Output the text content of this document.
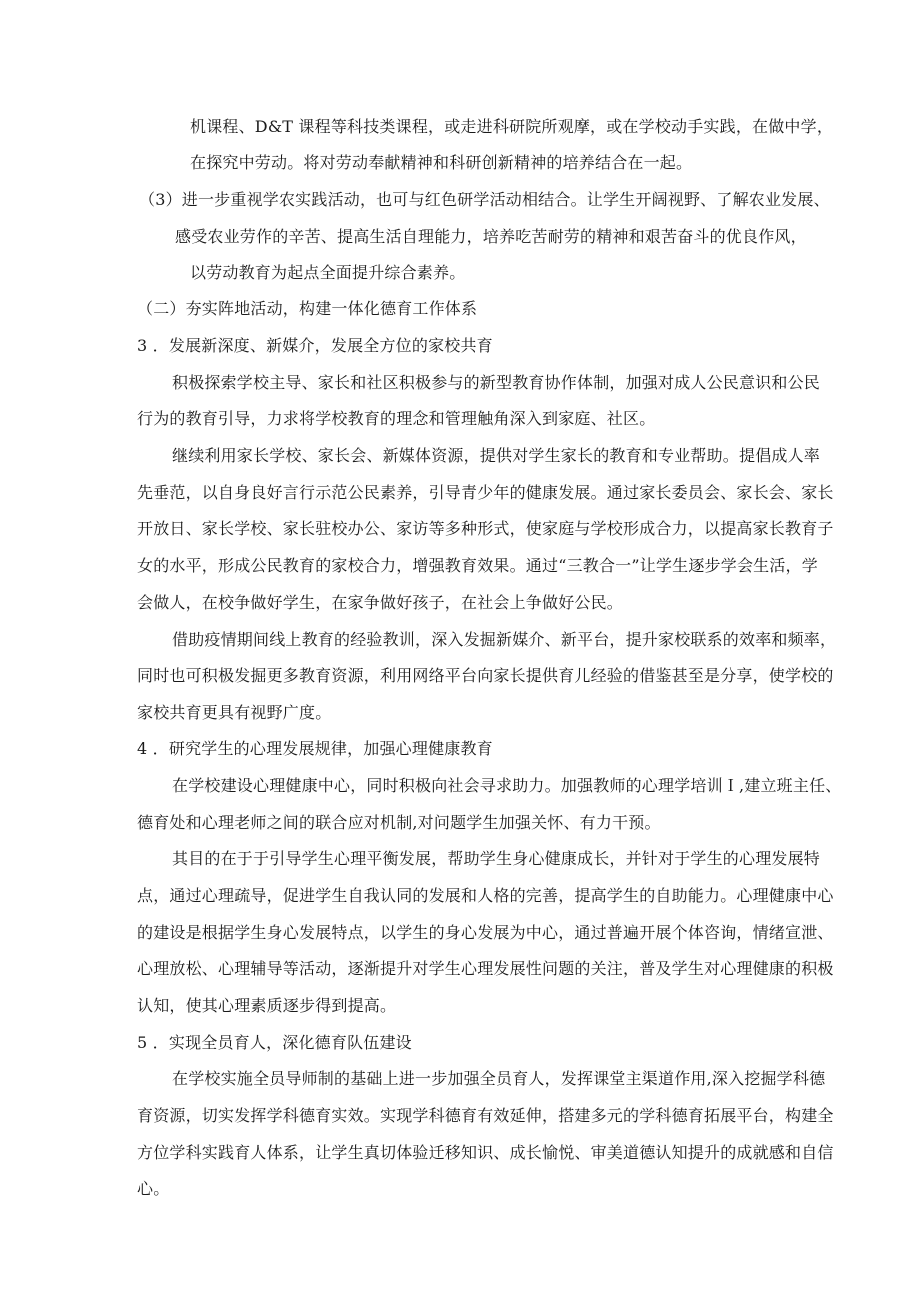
机课程、D&T 课程等科技类课程，或走进科研院所观摩，或在学校动手实践，在做中学，
在探究中劳动。将对劳动奉献精神和科研创新精神的培养结合在一起。
（3）进一步重视学农实践活动，也可与红色研学活动相结合。让学生开阔视野、了解农业发展、
感受农业劳作的辛苦、提高生活自理能力，培养吃苦耐劳的精神和艰苦奋斗的优良作风，
以劳动教育为起点全面提升综合素养。
（二）夯实阵地活动，构建一体化德育工作体系
3 ．发展新深度、新媒介，发展全方位的家校共育
积极探索学校主导、家长和社区积极参与的新型教育协作体制，加强对成人公民意识和公民
行为的教育引导，力求将学校教育的理念和管理触角深入到家庭、社区。
继续利用家长学校、家长会、新媒体资源，提供对学生家长的教育和专业帮助。提倡成人率
先垂范，以自身良好言行示范公民素养，引导青少年的健康发展。通过家长委员会、家长会、家长
开放日、家长学校、家长驻校办公、家访等多种形式，使家庭与学校形成合力，以提高家长教育子
女的水平，形成公民教育的家校合力，增强教育效果。通过“三教合一”让学生逐步学会生活，学
会做人，在校争做好学生，在家争做好孩子，在社会上争做好公民。
借助疫情期间线上教育的经验教训，深入发掘新媒介、新平台，提升家校联系的效率和频率，
同时也可积极发掘更多教育资源，利用网络平台向家长提供育儿经验的借鉴甚至是分享，使学校的
家校共育更具有视野广度。
4 ．研究学生的心理发展规律，加强心理健康教育
在学校建设心理健康中心，同时积极向社会寻求助力。加强教师的心理学培训Ｉ,建立班主任、
德育处和心理老师之间的联合应对机制,对问题学生加强关怀、有力干预。
其目的在于于引导学生心理平衡发展，帮助学生身心健康成长，并针对于学生的心理发展特
点，通过心理疏导，促进学生自我认同的发展和人格的完善，提高学生的自助能力。心理健康中心
的建设是根据学生身心发展特点，以学生的身心发展为中心，通过普遍开展个体咨询，情绪宣泄、
心理放松、心理辅导等活动，逐渐提升对学生心理发展性问题的关注，普及学生对心理健康的积极
认知，使其心理素质逐步得到提高。
5 ．实现全员育人，深化德育队伍建设
在学校实施全员导师制的基础上进一步加强全员育人，发挥课堂主渠道作用,深入挖掘学科德
育资源，切实发挥学科德育实效。实现学科德育有效延伸，搭建多元的学科德育拓展平台，构建全
方位学科实践育人体系，让学生真切体验迁移知识、成长愉悦、审美道德认知提升的成就感和自信
心。
